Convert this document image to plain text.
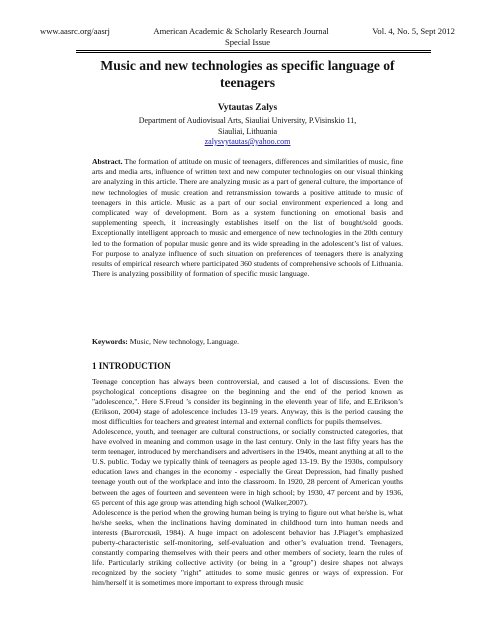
www.aasrc.org/aasrj	American Academic & Scholarly Research Journal	Vol. 4, No. 5, Sept 2012
Special Issue
Music and new technologies as specific language of teenagers
Vytautas Zalys
Department of Audiovisual Arts, Siauliai University, P.Visinskio 11,
Siauliai, Lithuania
zalysvytautas@yahoo.com
Abstract. The formation of attitude on music of teenagers, differences and similarities of music, fine arts and media arts, influence of written text and new computer technologies on our visual thinking are analyzing in this article. There are analyzing music as a part of general culture, the importance of new technologies of music creation and retransmission towards a positive attitude to music of teenagers in this article. Music as a part of our social environment experienced a long and complicated way of development. Born as a system functioning on emotional basis and supplementing speech, it increasingly establishes itself on the list of bought/sold goods. Exceptionally intelligent approach to music and emergence of new technologies in the 20th century led to the formation of popular music genre and its wide spreading in the adolescent’s list of values. For purpose to analyze influence of such situation on preferences of teenagers there is analyzing results of empirical research where participated 360 students of comprehensive schools of Lithuania. There is analyzing possibility of formation of specific music language.
Keywords: Music, New technology, Language.
1 INTRODUCTION

Teenage conception has always been controversial, and caused a lot of discussions. Even the psychological conceptions disagree on the beginning and the end of the period known as "adolescence,". Here S.Freud ’s consider its beginning in the eleventh year of life, and E.Erikson’s (Erikson, 2004) stage of adolescence includes 13-19 years. Anyway, this is the period causing the most difficulties for teachers and greatest internal and external conflicts for pupils themselves.

Adolescence, youth, and teenager are cultural constructions, or socially constructed categories, that have evolved in meaning and common usage in the last century. Only in the last fifty years has the term teenager, introduced by merchandisers and advertisers in the 1940s, meant anything at all to the U.S. public. Today we typically think of teenagers as people aged 13-19. By the 1930s, compulsory education laws and changes in the economy - especially the Great Depression, had finally pushed teenage youth out of the workplace and into the classroom. In 1920, 28 percent of American youths between the ages of fourteen and seventeen were in high school; by 1930, 47 percent and by 1936, 65 percent of this age group was attending high school (Walker,2007).

Adolescence is the period when the growing human being is trying to figure out what he/she is, what he/she seeks, when the inclinations having dominated in childhood turn into human needs and interests (Выготский, 1984). A huge impact on adolescent behavior has J.Piaget’s emphasized puberty-characteristic self-monitoring, self-evaluation and other’s evaluation trend. Teenagers, constantly comparing themselves with their peers and other members of society, learn the rules of life. Particularly striking collective activity (or being in a "group") desire shapes not always recognized by the society "right" attitudes to some music genres or ways of expression. For him/herself it is sometimes more important to express through music
